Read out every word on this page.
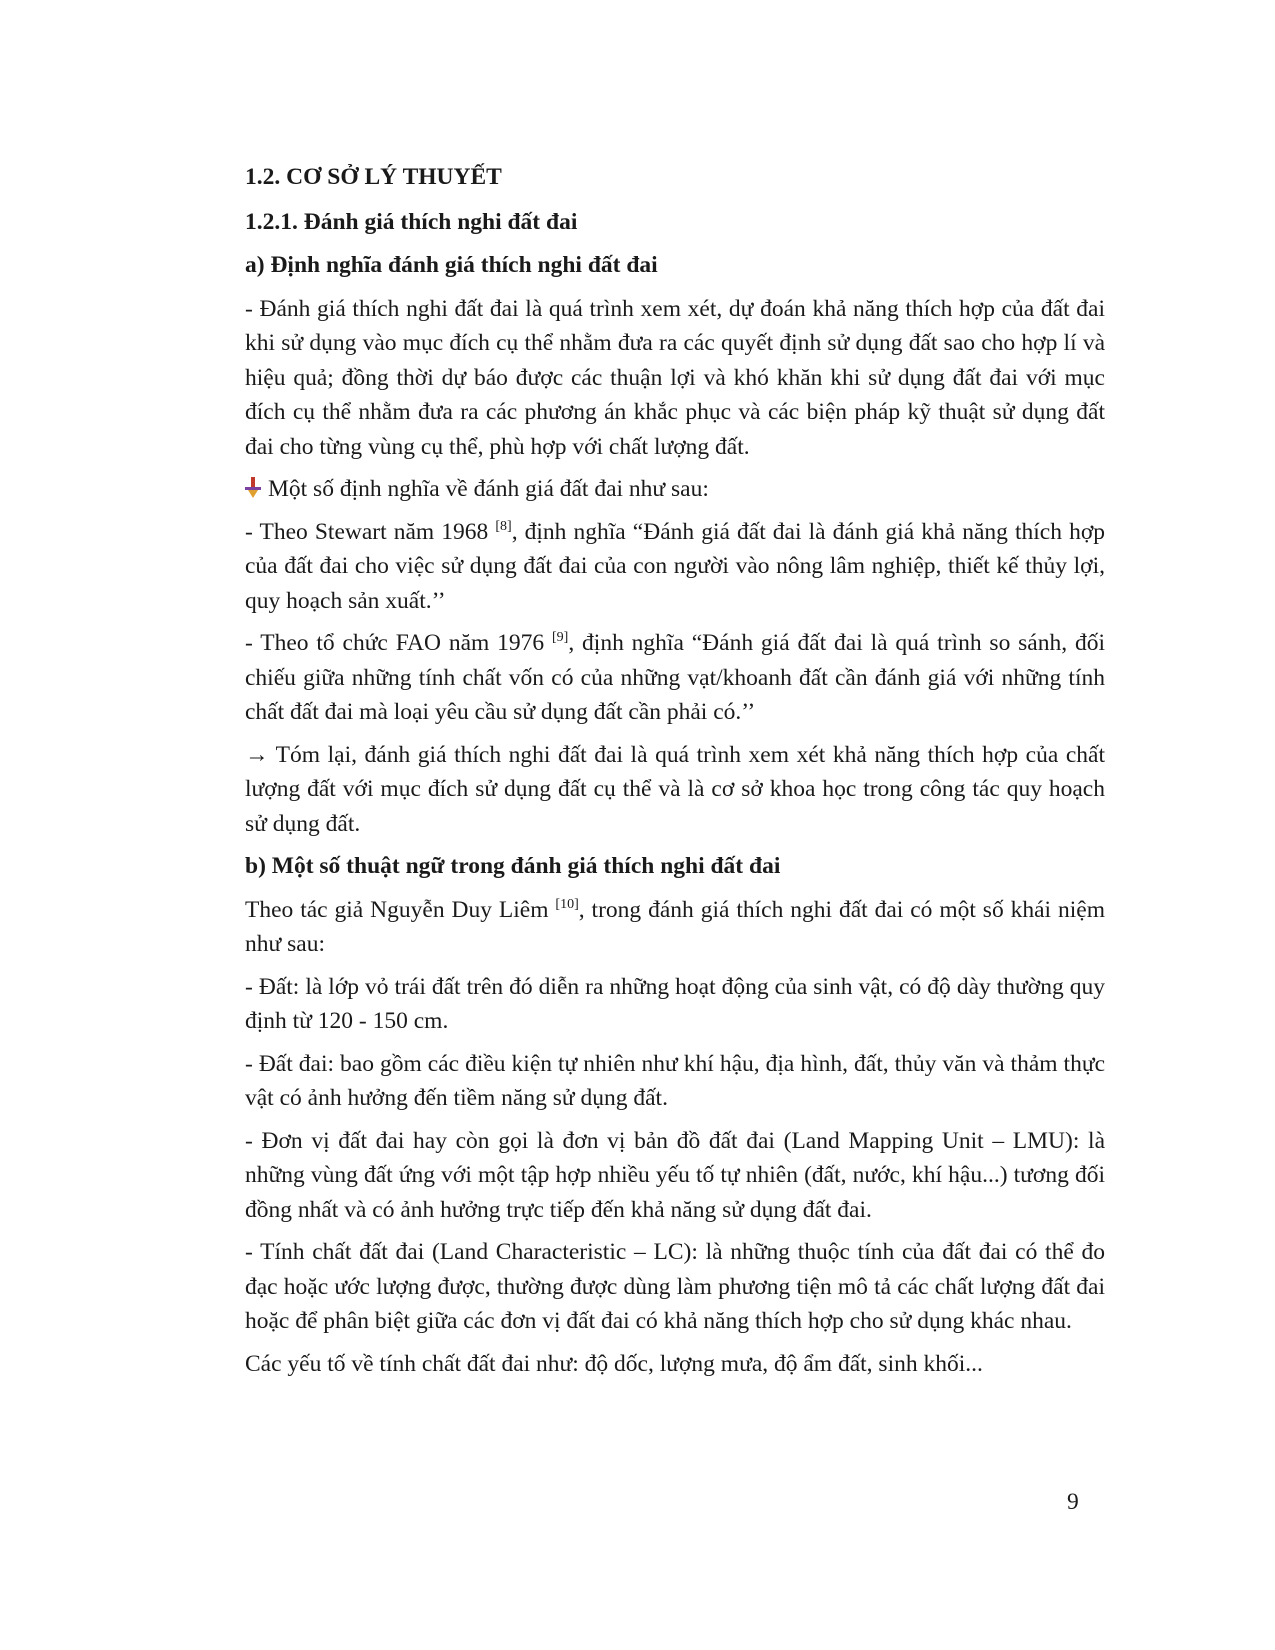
1.2. CƠ SỞ LÝ THUYẾT
1.2.1. Đánh giá thích nghi đất đai
a) Định nghĩa đánh giá thích nghi đất đai

- Đánh giá thích nghi đất đai là quá trình xem xét, dự đoán khả năng thích hợp của đất đai khi sử dụng vào mục đích cụ thể nhằm đưa ra các quyết định sử dụng đất sao cho hợp lí và hiệu quả; đồng thời dự báo được các thuận lợi và khó khăn khi sử dụng đất đai với mục đích cụ thể nhằm đưa ra các phương án khắc phục và các biện pháp kỹ thuật sử dụng đất đai cho từng vùng cụ thể, phù hợp với chất lượng đất.

Một số định nghĩa về đánh giá đất đai như sau:

- Theo Stewart năm 1968 [8], định nghĩa “Đánh giá đất đai là đánh giá khả năng thích hợp của đất đai cho việc sử dụng đất đai của con người vào nông lâm nghiệp, thiết kế thủy lợi, quy hoạch sản xuất.’’

- Theo tổ chức FAO năm 1976 [9], định nghĩa “Đánh giá đất đai là quá trình so sánh, đối chiếu giữa những tính chất vốn có của những vạt/khoanh đất cần đánh giá với những tính chất đất đai mà loại yêu cầu sử dụng đất cần phải có.’’

→ Tóm lại, đánh giá thích nghi đất đai là quá trình xem xét khả năng thích hợp của chất lượng đất với mục đích sử dụng đất cụ thể và là cơ sở khoa học trong công tác quy hoạch sử dụng đất.

b) Một số thuật ngữ trong đánh giá thích nghi đất đai

Theo tác giả Nguyễn Duy Liêm [10], trong đánh giá thích nghi đất đai có một số khái niệm như sau:

- Đất: là lớp vỏ trái đất trên đó diễn ra những hoạt động của sinh vật, có độ dày thường quy định từ 120 - 150 cm.

- Đất đai: bao gồm các điều kiện tự nhiên như khí hậu, địa hình, đất, thủy văn và thảm thực vật có ảnh hưởng đến tiềm năng sử dụng đất.

- Đơn vị đất đai hay còn gọi là đơn vị bản đồ đất đai (Land Mapping Unit – LMU): là những vùng đất ứng với một tập hợp nhiều yếu tố tự nhiên (đất, nước, khí hậu...) tương đối đồng nhất và có ảnh hưởng trực tiếp đến khả năng sử dụng đất đai.

- Tính chất đất đai (Land Characteristic – LC): là những thuộc tính của đất đai có thể đo đạc hoặc ước lượng được, thường được dùng làm phương tiện mô tả các chất lượng đất đai hoặc để phân biệt giữa các đơn vị đất đai có khả năng thích hợp cho sử dụng khác nhau.

Các yếu tố về tính chất đất đai như: độ dốc, lượng mưa, độ ẩm đất, sinh khối...

9
